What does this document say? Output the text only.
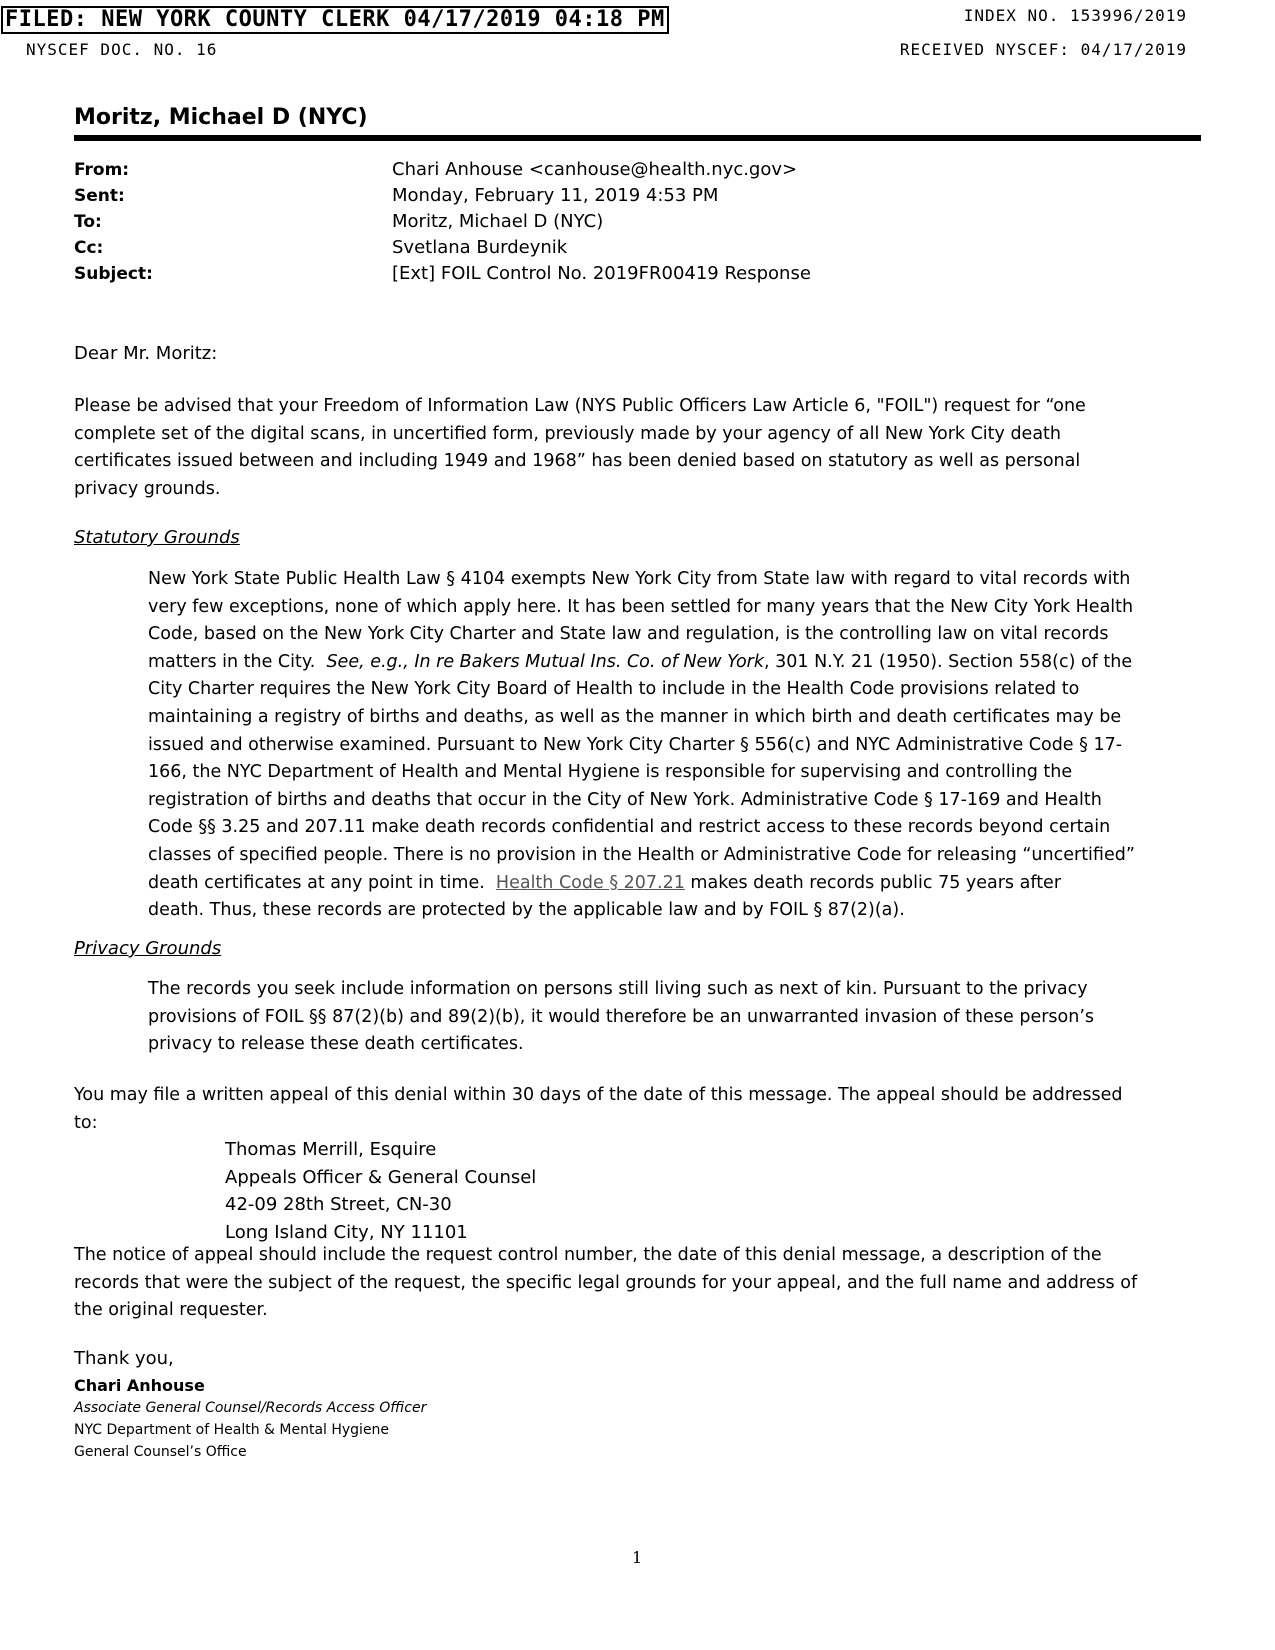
FILED: NEW YORK COUNTY CLERK 04/17/2019 04:18 PM	INDEX NO. 153996/2019
NYSCEF DOC. NO. 16	RECEIVED NYSCEF: 04/17/2019
Moritz, Michael D (NYC)
From:	Chari Anhouse <canhouse@health.nyc.gov>
Sent:	Monday, February 11, 2019 4:53 PM
To:	Moritz, Michael D (NYC)
Cc:	Svetlana Burdeynik
Subject:	[Ext] FOIL Control No. 2019FR00419 Response
Dear Mr. Moritz:
Please be advised that your Freedom of Information Law (NYS Public Officers Law Article 6, "FOIL") request for “one
complete set of the digital scans, in uncertified form, previously made by your agency of all New York City death
certificates issued between and including 1949 and 1968” has been denied based on statutory as well as personal
privacy grounds.
Statutory Grounds
New York State Public Health Law § 4104 exempts New York City from State law with regard to vital records with
very few exceptions, none of which apply here. It has been settled for many years that the New City York Health
Code, based on the New York City Charter and State law and regulation, is the controlling law on vital records
matters in the City.  See, e.g., In re Bakers Mutual Ins. Co. of New York, 301 N.Y. 21 (1950). Section 558(c) of the
City Charter requires the New York City Board of Health to include in the Health Code provisions related to
maintaining a registry of births and deaths, as well as the manner in which birth and death certificates may be
issued and otherwise examined. Pursuant to New York City Charter § 556(c) and NYC Administrative Code § 17-
166, the NYC Department of Health and Mental Hygiene is responsible for supervising and controlling the
registration of births and deaths that occur in the City of New York. Administrative Code § 17-169 and Health
Code §§ 3.25 and 207.11 make death records confidential and restrict access to these records beyond certain
classes of specified people. There is no provision in the Health or Administrative Code for releasing “uncertified”
death certificates at any point in time.  Health Code § 207.21 makes death records public 75 years after
death. Thus, these records are protected by the applicable law and by FOIL § 87(2)(a).
Privacy Grounds
The records you seek include information on persons still living such as next of kin. Pursuant to the privacy
provisions of FOIL §§ 87(2)(b) and 89(2)(b), it would therefore be an unwarranted invasion of these person’s
privacy to release these death certificates.
You may file a written appeal of this denial within 30 days of the date of this message. The appeal should be addressed
to:
Thomas Merrill, Esquire
Appeals Officer & General Counsel
42-09 28th Street, CN-30
Long Island City, NY 11101
The notice of appeal should include the request control number, the date of this denial message, a description of the
records that were the subject of the request, the specific legal grounds for your appeal, and the full name and address of
the original requester.
Thank you,
Chari Anhouse
Associate General Counsel/Records Access Officer
NYC Department of Health & Mental Hygiene
General Counsel’s Office
1
